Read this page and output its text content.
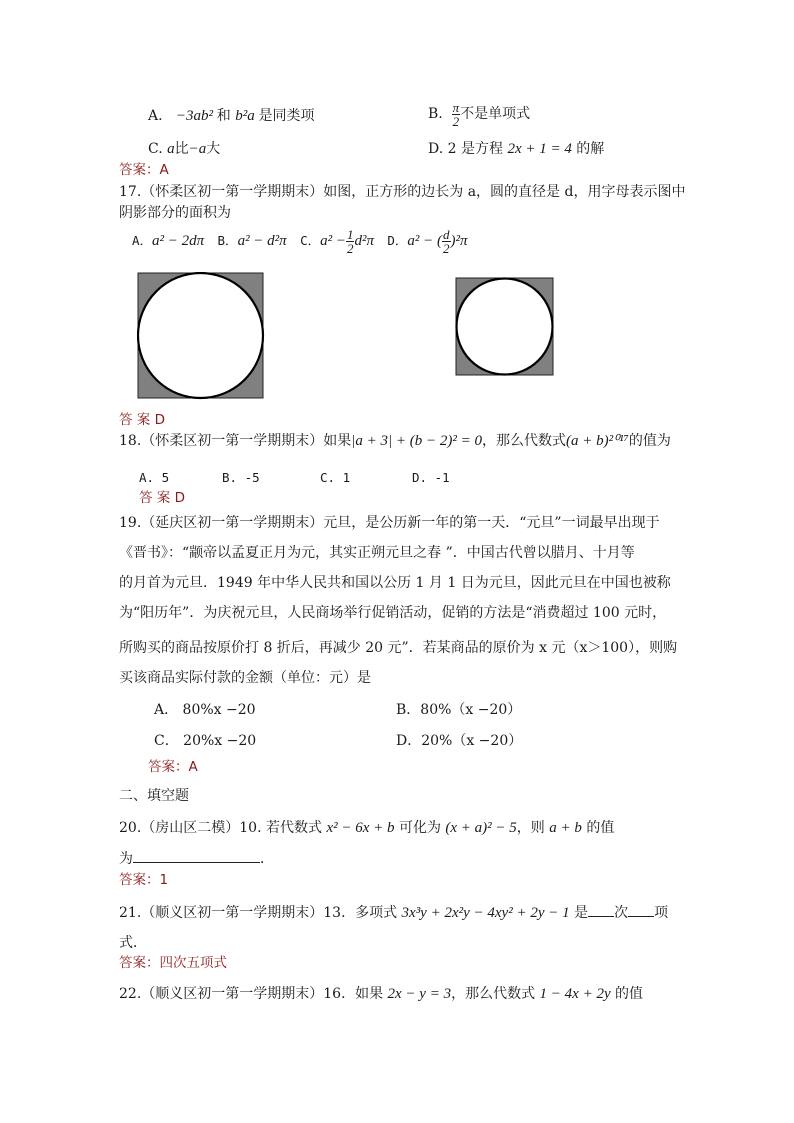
A. −3ab² 和 b²a 是同类项	B. $\frac{\pi}{2}$ 不是单项式
C. a比−a大	D. 2 是方程 2x + 1 = 4 的解
答案：A
17.（怀柔区初一第一学期期末）如图，正方形的边长为 a，圆的直径是 d，用字母表示图中
阴影部分的面积为
A．a² − 2dπ B．a² − d²π C．$a^2 - \frac{1}{2} d^2\pi$ D．a² − ( $\frac{d}{2} )^2\pi$
答 案 D
18.（怀柔区初一第一学期期末）如果|a + 3| + (b − 2)² = 0，那么代数式(a + b)²⁰¹⁷的值为
A. 5	B. -5	C. 1	D. -1
答 案 D
19.（延庆区初一第一学期期末）元旦，是公历新一年的第一天．“元旦”一词最早出现于
《晋书》：“颛帝以孟夏正月为元，其实正朔元旦之春 ”．中国古代曾以腊月、十月等
的月首为元旦．1949 年中华人民共和国以公历 1 月 1 日为元旦，因此元旦在中国也被称
为“阳历年”．为庆祝元旦，人民商场举行促销活动，促销的方法是“消费超过 100 元时，
所购买的商品按原价打 8 折后，再减少 20 元”．若某商品的原价为 x 元（x＞100），则购
买该商品实际付款的金额（单位：元）是
A． 80%x −20	B．80%（x −20）
C． 20%x −20	D．20%（x −20）
答案：A
二、填空题
20.（房山区二模）10. 若代数式 x² − 6x + b 可化为 (x + a)² − 5，则 a + b 的值
为	．
答案：1
21.（顺义区初一第一学期期末）13．多项式 3x³y + 2x²y − 4xy² + 2y − 1 是 次 项
式．
答案：四次五项式
22.（顺义区初一第一学期期末）16．如果 2x − y = 3，那么代数式 1 − 4x + 2y 的值
